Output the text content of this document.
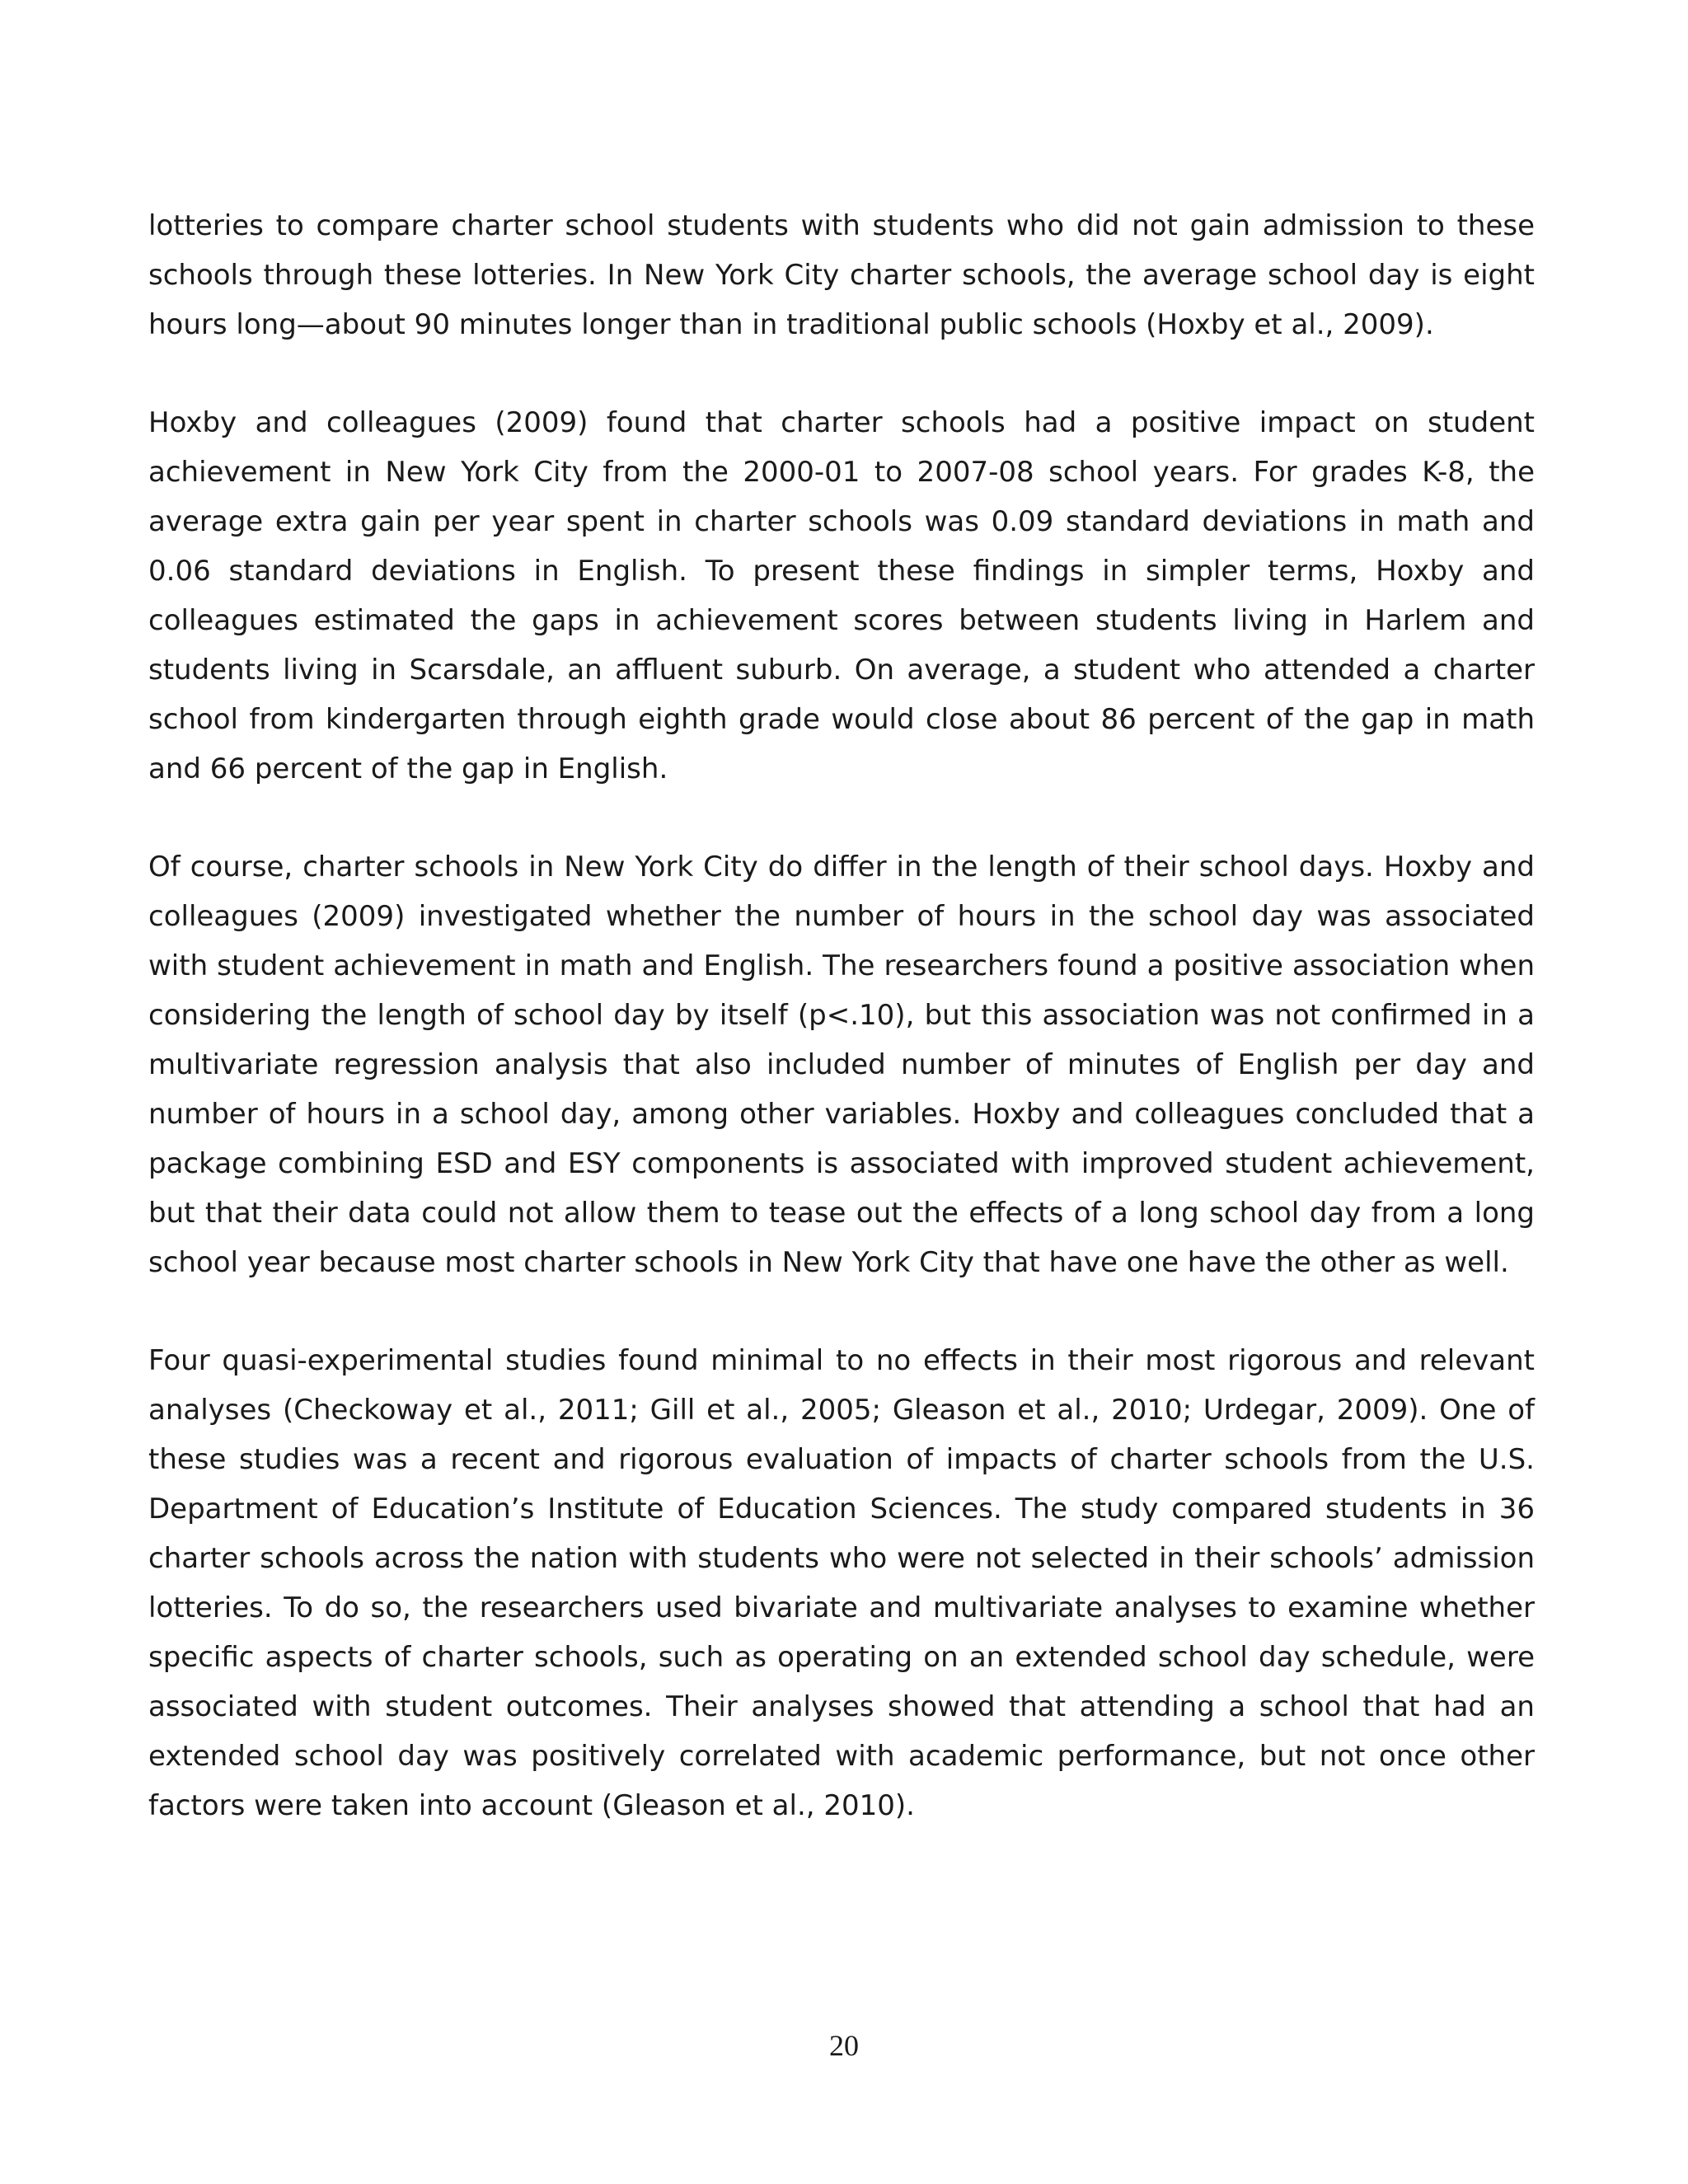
lotteries to compare charter school students with students who did not gain admission to these schools through these lotteries. In New York City charter schools, the average school day is eight hours long—about 90 minutes longer than in traditional public schools (Hoxby et al., 2009).

Hoxby and colleagues (2009) found that charter schools had a positive impact on student achievement in New York City from the 2000-01 to 2007-08 school years. For grades K-8, the average extra gain per year spent in charter schools was 0.09 standard deviations in math and 0.06 standard deviations in English. To present these findings in simpler terms, Hoxby and colleagues estimated the gaps in achievement scores between students living in Harlem and students living in Scarsdale, an affluent suburb. On average, a student who attended a charter school from kindergarten through eighth grade would close about 86 percent of the gap in math and 66 percent of the gap in English.

Of course, charter schools in New York City do differ in the length of their school days. Hoxby and colleagues (2009) investigated whether the number of hours in the school day was associated with student achievement in math and English. The researchers found a positive association when considering the length of school day by itself (p<.10), but this association was not confirmed in a multivariate regression analysis that also included number of minutes of English per day and number of hours in a school day, among other variables. Hoxby and colleagues concluded that a package combining ESD and ESY components is associated with improved student achievement, but that their data could not allow them to tease out the effects of a long school day from a long school year because most charter schools in New York City that have one have the other as well.

Four quasi-experimental studies found minimal to no effects in their most rigorous and relevant analyses (Checkoway et al., 2011; Gill et al., 2005; Gleason et al., 2010; Urdegar, 2009). One of these studies was a recent and rigorous evaluation of impacts of charter schools from the U.S. Department of Education’s Institute of Education Sciences. The study compared students in 36 charter schools across the nation with students who were not selected in their schools’ admission lotteries. To do so, the researchers used bivariate and multivariate analyses to examine whether specific aspects of charter schools, such as operating on an extended school day schedule, were associated with student outcomes. Their analyses showed that attending a school that had an extended school day was positively correlated with academic performance, but not once other factors were taken into account (Gleason et al., 2010).

20
